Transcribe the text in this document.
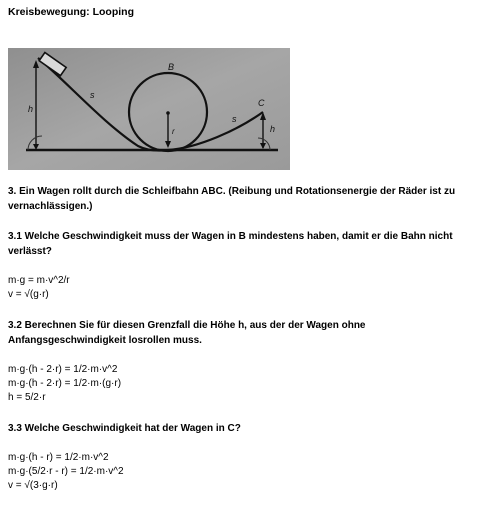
Kreisbewegung: Looping
B
C
h
h
s
s
r
3. Ein Wagen rollt durch die Schleifbahn ABC. (Reibung und Rotationsenergie der Räder ist zu
vernachlässigen.)
3.1 Welche Geschwindigkeit muss der Wagen in B mindestens haben, damit er die Bahn nicht
verlässt?
m·g = m·v^2/r
v = √(g·r)
3.2 Berechnen Sie für diesen Grenzfall die Höhe h, aus der der Wagen ohne
Anfangsgeschwindigkeit losrollen muss.
m·g·(h - 2·r) = 1/2·m·v^2
m·g·(h - 2·r) = 1/2·m·(g·r)
h = 5/2·r
3.3 Welche Geschwindigkeit hat der Wagen in C?
m·g·(h - r) = 1/2·m·v^2
m·g·(5/2·r - r) = 1/2·m·v^2
v = √(3·g·r)
